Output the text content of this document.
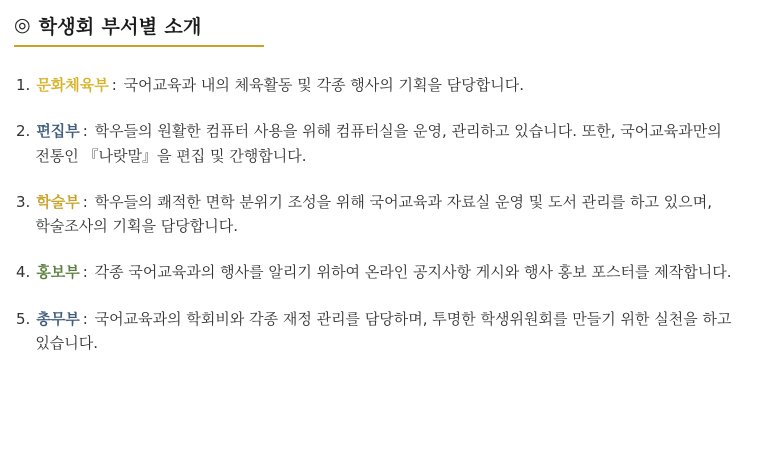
◎ 학생회 부서별 소개
1. 문화체육부 : 국어교육과 내의 체육활동 및 각종 행사의 기획을 담당합니다.
2. 편집부 : 학우들의 원활한 컴퓨터 사용을 위해 컴퓨터실을 운영, 관리하고 있습니다. 또한, 국어교육과만의 전통인 『나랏말』을 편집 및 간행합니다.
3. 학술부 : 학우들의 쾌적한 면학 분위기 조성을 위해 국어교육과 자료실 운영 및 도서 관리를 하고 있으며, 학술조사의 기획을 담당합니다.
4. 홍보부 : 각종 국어교육과의 행사를 알리기 위하여 온라인 공지사항 게시와 행사 홍보 포스터를 제작합니다.
5. 총무부 : 국어교육과의 학회비와 각종 재정 관리를 담당하며, 투명한 학생위원회를 만들기 위한 실천을 하고 있습니다.
